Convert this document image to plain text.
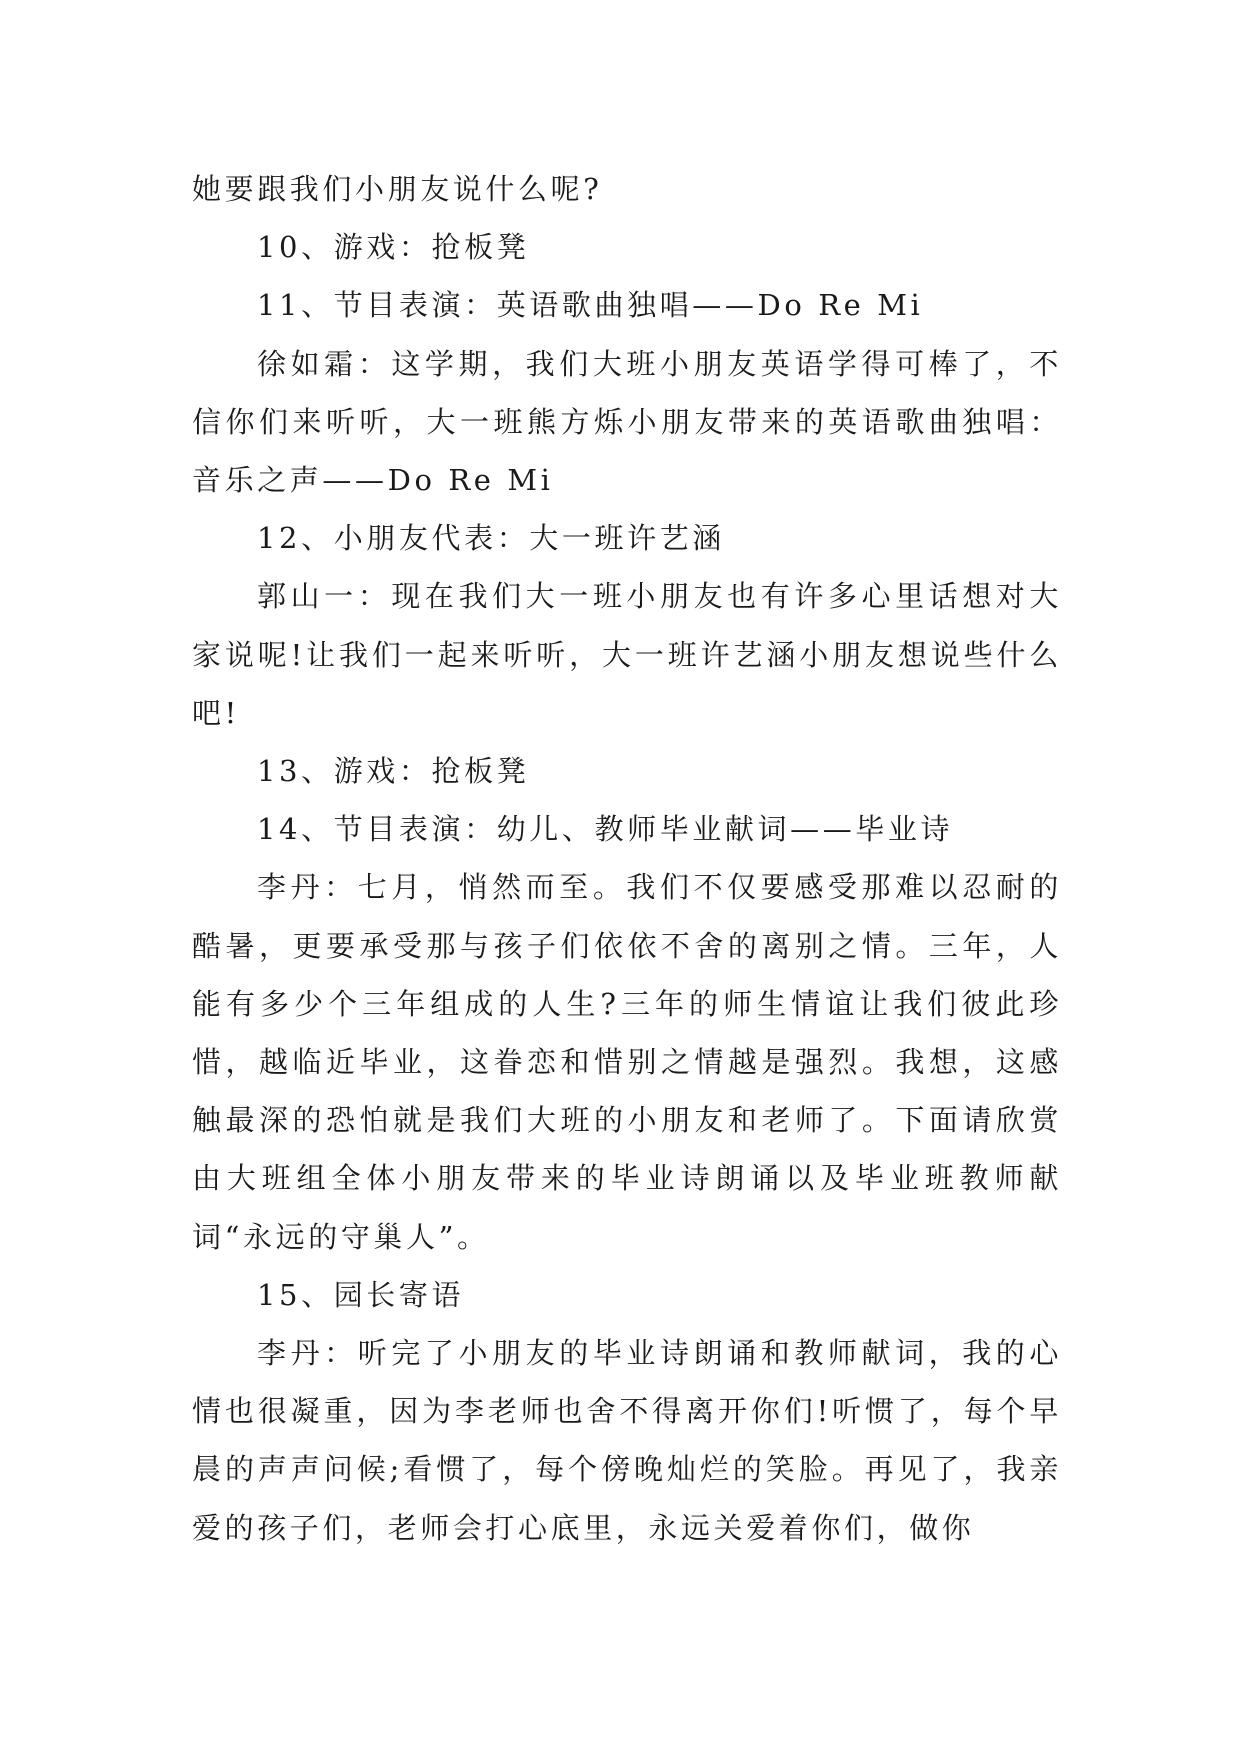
她要跟我们小朋友说什么呢?

10、游戏：抢板凳

11、节目表演：英语歌曲独唱——Do Re Mi

徐如霜：这学期，我们大班小朋友英语学得可棒了，不信你们来听听，大一班熊方烁小朋友带来的英语歌曲独唱：音乐之声——Do Re Mi

12、小朋友代表：大一班许艺涵

郭山一：现在我们大一班小朋友也有许多心里话想对大家说呢!让我们一起来听听，大一班许艺涵小朋友想说些什么吧!

13、游戏：抢板凳

14、节目表演：幼儿、教师毕业献词——毕业诗

李丹：七月，悄然而至。我们不仅要感受那难以忍耐的酷暑，更要承受那与孩子们依依不舍的离别之情。三年，人能有多少个三年组成的人生?三年的师生情谊让我们彼此珍惜，越临近毕业，这眷恋和惜别之情越是强烈。我想，这感触最深的恐怕就是我们大班的小朋友和老师了。下面请欣赏由大班组全体小朋友带来的毕业诗朗诵以及毕业班教师献词“永远的守巢人”。

15、园长寄语

李丹：听完了小朋友的毕业诗朗诵和教师献词，我的心情也很凝重，因为李老师也舍不得离开你们!听惯了，每个早晨的声声问候;看惯了，每个傍晚灿烂的笑脸。再见了，我亲爱的孩子们，老师会打心底里，永远关爱着你们，做你
